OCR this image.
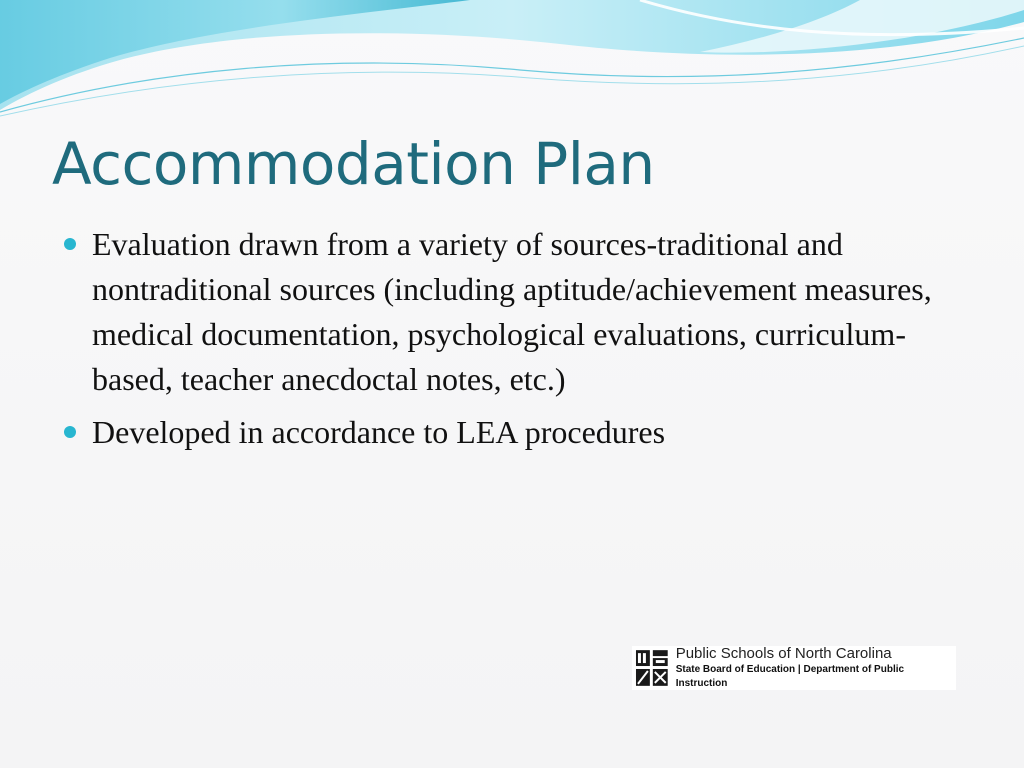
Accommodation Plan
Evaluation drawn from a variety of sources-traditional and nontraditional sources (including aptitude/achievement measures, medical documentation, psychological evaluations, curriculum-based, teacher anecdoctal notes, etc.)
Developed in accordance to LEA procedures
Public Schools of North Carolina
State Board of Education | Department of Public Instruction
